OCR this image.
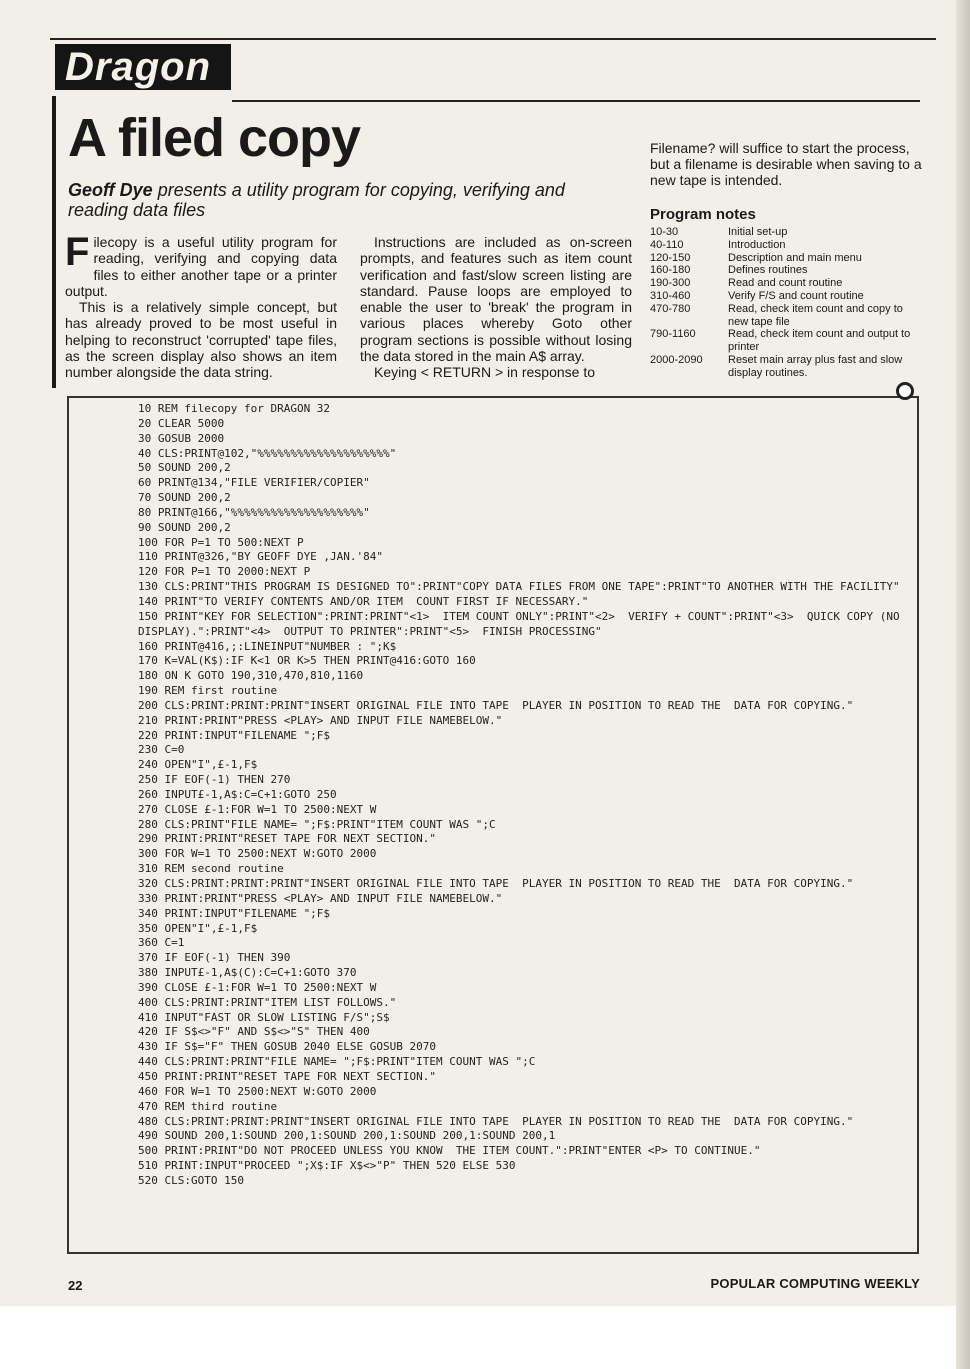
Dragon
A filed copy
Geoff Dye presents a utility program for copying, verifying and reading data files
Filecopy is a useful utility program for reading, verifying and copying data files to either another tape or a printer output.
This is a relatively simple concept, but has already proved to be most useful in helping to reconstruct 'corrupted' tape files, as the screen display also shows an item number alongside the data string.
Instructions are included as on-screen prompts, and features such as item count verification and fast/slow screen listing are standard. Pause loops are employed to enable the user to 'break' the program in various places whereby Goto other program sections is possible without losing the data stored in the main A$ array.
Keying < RETURN > in response to
Filename? will suffice to start the process, but a filename is desirable when saving to a new tape is intended.
Program notes
10-30	Initial set-up
40-110	Introduction
120-150	Description and main menu
160-180	Defines routines
190-300	Read and count routine
310-460	Verify F/S and count routine
470-780	Read, check item count and copy to new tape file
790-1160	Read, check item count and output to printer
2000-2090	Reset main array plus fast and slow display routines.
10 REM filecopy for DRAGON 32
20 CLEAR 5000
30 GOSUB 2000
40 CLS:PRINT@102,"%%%%%%%%%%%%%%%%%%%%"
50 SOUND 200,2
60 PRINT@134,"FILE VERIFIER/COPIER"
70 SOUND 200,2
80 PRINT@166,"%%%%%%%%%%%%%%%%%%%%"
90 SOUND 200,2
100 FOR P=1 TO 500:NEXT P
110 PRINT@326,"BY GEOFF DYE ,JAN.'84"
120 FOR P=1 TO 2000:NEXT P
130 CLS:PRINT"THIS PROGRAM IS DESIGNED TO":PRINT"COPY DATA FILES FROM ONE TAPE":PRINT"TO ANOTHER WITH THE FACILITY"
140 PRINT"TO VERIFY CONTENTS AND/OR ITEM  COUNT FIRST IF NECESSARY."
150 PRINT"KEY FOR SELECTION":PRINT:PRINT"<1>  ITEM COUNT ONLY":PRINT"<2>  VERIFY + COUNT":PRINT"<3>  QUICK COPY (NO DISPLAY).":PRINT"<4>  OUTPUT TO PRINTER":PRINT"<5>  FINISH PROCESSING"
160 PRINT@416,;:LINEINPUT"NUMBER : ";K$
170 K=VAL(K$):IF K<1 OR K>5 THEN PRINT@416:GOTO 160
180 ON K GOTO 190,310,470,810,1160
190 REM first routine
200 CLS:PRINT:PRINT:PRINT"INSERT ORIGINAL FILE INTO TAPE  PLAYER IN POSITION TO READ THE  DATA FOR COPYING."
210 PRINT:PRINT"PRESS <PLAY> AND INPUT FILE NAMEBELOW."
220 PRINT:INPUT"FILENAME ";F$
230 C=0
240 OPEN"I",£-1,F$
250 IF EOF(-1) THEN 270
260 INPUT£-1,A$:C=C+1:GOTO 250
270 CLOSE £-1:FOR W=1 TO 2500:NEXT W
280 CLS:PRINT"FILE NAME= ";F$:PRINT"ITEM COUNT WAS ";C
290 PRINT:PRINT"RESET TAPE FOR NEXT SECTION."
300 FOR W=1 TO 2500:NEXT W:GOTO 2000
310 REM second routine
320 CLS:PRINT:PRINT:PRINT"INSERT ORIGINAL FILE INTO TAPE  PLAYER IN POSITION TO READ THE  DATA FOR COPYING."
330 PRINT:PRINT"PRESS <PLAY> AND INPUT FILE NAMEBELOW."
340 PRINT:INPUT"FILENAME ";F$
350 OPEN"I",£-1,F$
360 C=1
370 IF EOF(-1) THEN 390
380 INPUT£-1,A$(C):C=C+1:GOTO 370
390 CLOSE £-1:FOR W=1 TO 2500:NEXT W
400 CLS:PRINT:PRINT"ITEM LIST FOLLOWS."
410 INPUT"FAST OR SLOW LISTING F/S";S$
420 IF S$<>"F" AND S$<>"S" THEN 400
430 IF S$="F" THEN GOSUB 2040 ELSE GOSUB 2070
440 CLS:PRINT:PRINT"FILE NAME= ";F$:PRINT"ITEM COUNT WAS ";C
450 PRINT:PRINT"RESET TAPE FOR NEXT SECTION."
460 FOR W=1 TO 2500:NEXT W:GOTO 2000
470 REM third routine
480 CLS:PRINT:PRINT:PRINT"INSERT ORIGINAL FILE INTO TAPE  PLAYER IN POSITION TO READ THE  DATA FOR COPYING."
490 SOUND 200,1:SOUND 200,1:SOUND 200,1:SOUND 200,1:SOUND 200,1
500 PRINT:PRINT"DO NOT PROCEED UNLESS YOU KNOW  THE ITEM COUNT.":PRINT"ENTER <P> TO CONTINUE."
510 PRINT:INPUT"PROCEED ";X$:IF X$<>"P" THEN 520 ELSE 530
520 CLS:GOTO 150
22	POPULAR COMPUTING WEEKLY
